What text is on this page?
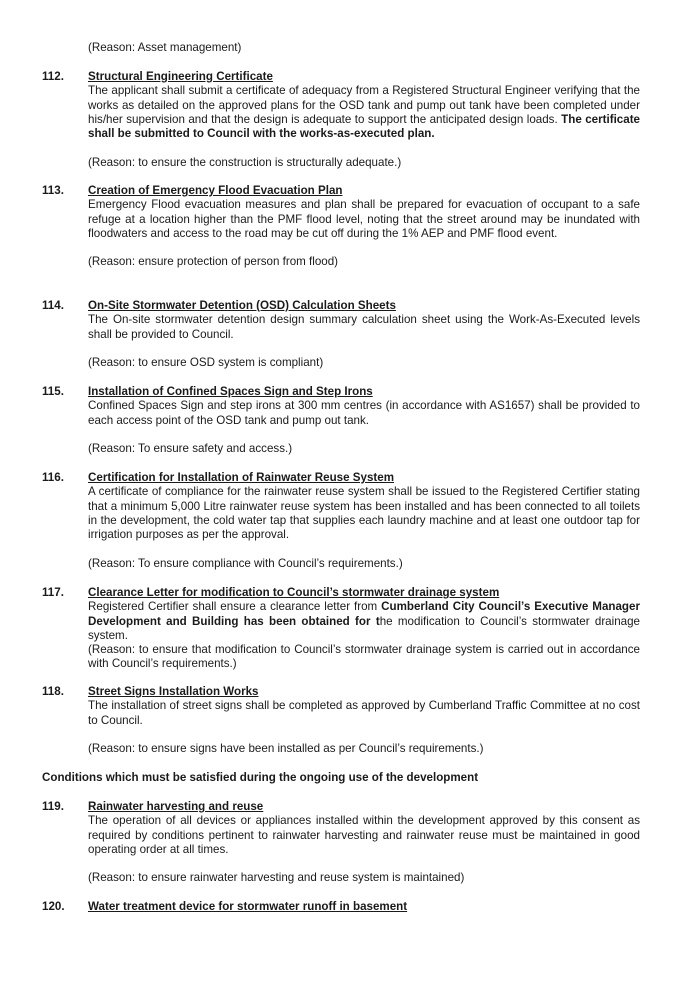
(Reason: Asset management)
112.	Structural Engineering Certificate
The applicant shall submit a certificate of adequacy from a Registered Structural Engineer verifying that the works as detailed on the approved plans for the OSD tank and pump out tank have been completed under his/her supervision and that the design is adequate to support the anticipated design loads. The certificate shall be submitted to Council with the works-as-executed plan.
(Reason: to ensure the construction is structurally adequate.)
113.	Creation of Emergency Flood Evacuation Plan
Emergency Flood evacuation measures and plan shall be prepared for evacuation of occupant to a safe refuge at a location higher than the PMF flood level, noting that the street around may be inundated with floodwaters and access to the road may be cut off during the 1% AEP and PMF flood event.
(Reason: ensure protection of person from flood)
114.	On-Site Stormwater Detention (OSD) Calculation Sheets
The On-site stormwater detention design summary calculation sheet using the Work-As-Executed levels shall be provided to Council.
(Reason: to ensure OSD system is compliant)
115.	Installation of Confined Spaces Sign and Step Irons
Confined Spaces Sign and step irons at 300 mm centres (in accordance with AS1657) shall be provided to each access point of the OSD tank and pump out tank.
(Reason: To ensure safety and access.)
116.	Certification for Installation of Rainwater Reuse System
A certificate of compliance for the rainwater reuse system shall be issued to the Registered Certifier stating that a minimum 5,000 Litre rainwater reuse system has been installed and has been connected to all toilets in the development, the cold water tap that supplies each laundry machine and at least one outdoor tap for irrigation purposes as per the approval.
(Reason: To ensure compliance with Council’s requirements.)
117.	Clearance Letter for modification to Council’s stormwater drainage system
Registered Certifier shall ensure a clearance letter from Cumberland City Council’s Executive Manager Development and Building has been obtained for the modification to Council’s stormwater drainage system.
(Reason: to ensure that modification to Council’s stormwater drainage system is carried out in accordance with Council’s requirements.)
118.	Street Signs Installation Works
The installation of street signs shall be completed as approved by Cumberland Traffic Committee at no cost to Council.
(Reason: to ensure signs have been installed as per Council’s requirements.)
Conditions which must be satisfied during the ongoing use of the development
119.	Rainwater harvesting and reuse
The operation of all devices or appliances installed within the development approved by this consent as required by conditions pertinent to rainwater harvesting and rainwater reuse must be maintained in good operating order at all times.
(Reason: to ensure rainwater harvesting and reuse system is maintained)
120.	Water treatment device for stormwater runoff in basement
